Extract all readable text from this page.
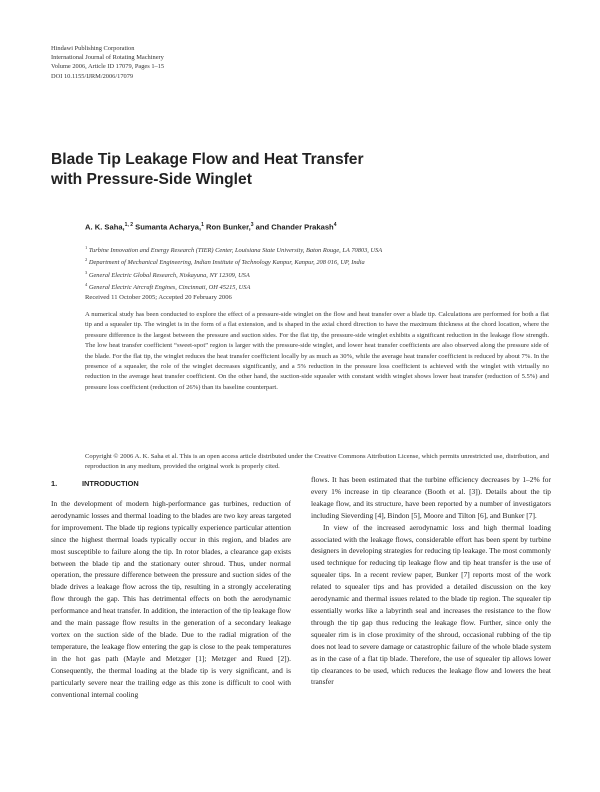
Hindawi Publishing Corporation
International Journal of Rotating Machinery
Volume 2006, Article ID 17079, Pages 1–15
DOI 10.1155/IJRM/2006/17079
Blade Tip Leakage Flow and Heat Transfer
with Pressure-Side Winglet
A. K. Saha,$^{1, 2}$ Sumanta Acharya,$^1$ Ron Bunker,$^3$ and Chander Prakash$^4$
$^1$ Turbine Innovation and Energy Research (TIER) Center, Louisiana State University, Baton Rouge, LA 70803, USA
$^2$ Department of Mechanical Engineering, Indian Institute of Technology Kanpur, Kanpur, 208 016, UP, India
$^3$ General Electric Global Research, Niskayuna, NY 12309, USA
$^4$ General Electric Aircraft Engines, Cincinnati, OH 45215, USA
Received 11 October 2005; Accepted 20 February 2006
A numerical study has been conducted to explore the effect of a pressure-side winglet on the flow and heat transfer over a blade tip. Calculations are performed for both a flat tip and a squealer tip. The winglet is in the form of a flat extension, and is shaped in the axial chord direction to have the maximum thickness at the chord location, where the pressure difference is the largest between the pressure and suction sides. For the flat tip, the pressure-side winglet exhibits a significant reduction in the leakage flow strength. The low heat transfer coefficient “sweet-spot” region is larger with the pressure-side winglet, and lower heat transfer coefficients are also observed along the pressure side of the blade. For the flat tip, the winglet reduces the heat transfer coefficient locally by as much as 30%, while the average heat transfer coefficient is reduced by about 7%. In the presence of a squealer, the role of the winglet decreases significantly, and a 5% reduction in the pressure loss coefficient is achieved with the winglet with virtually no reduction in the average heat transfer coefficient. On the other hand, the suction-side squealer with constant width winglet shows lower heat transfer (reduction of 5.5%) and pressure loss coefficient (reduction of 26%) than its baseline counterpart.
Copyright © 2006 A. K. Saha et al. This is an open access article distributed under the Creative Commons Attribution License, which permits unrestricted use, distribution, and reproduction in any medium, provided the original work is properly cited.
1.	INTRODUCTION

In the development of modern high-performance gas turbines, reduction of aerodynamic losses and thermal loading to the blades are two key areas targeted for improvement. The blade tip regions typically experience particular attention since the highest thermal loads typically occur in this region, and blades are most susceptible to failure along the tip. In rotor blades, a clearance gap exists between the blade tip and the stationary outer shroud. Thus, under normal operation, the pressure difference between the pressure and suction sides of the blade drives a leakage flow across the tip, resulting in a strongly accelerating flow through the gap. This has detrimental effects on both the aerodynamic performance and heat transfer. In addition, the interaction of the tip leakage flow and the main passage flow results in the generation of a secondary leakage vortex on the suction side of the blade. Due to the radial migration of the temperature, the leakage flow entering the gap is close to the peak temperatures in the hot gas path (Mayle and Metzger [1]; Metzger and Rued [2]). Consequently, the thermal loading at the blade tip is very significant, and is particularly severe near the trailing edge as this zone is difficult to cool with conventional internal cooling

flows. It has been estimated that the turbine efficiency decreases by 1–2% for every 1% increase in tip clearance (Booth et al. [3]). Details about the tip leakage flow, and its structure, have been reported by a number of investigators including Sieverding [4], Bindon [5], Moore and Tilton [6], and Bunker [7].

In view of the increased aerodynamic loss and high thermal loading associated with the leakage flows, considerable effort has been spent by turbine designers in developing strategies for reducing tip leakage. The most commonly used technique for reducing tip leakage flow and tip heat transfer is the use of squealer tips. In a recent review paper, Bunker [7] reports most of the work related to squealer tips and has provided a detailed discussion on the key aerodynamic and thermal issues related to the blade tip region. The squealer tip essentially works like a labyrinth seal and increases the resistance to the flow through the tip gap thus reducing the leakage flow. Further, since only the squealer rim is in close proximity of the shroud, occasional rubbing of the tip does not lead to severe damage or catastrophic failure of the whole blade system as in the case of a flat tip blade. Therefore, the use of squealer tip allows lower tip clearances to be used, which reduces the leakage flow and lowers the heat transfer
